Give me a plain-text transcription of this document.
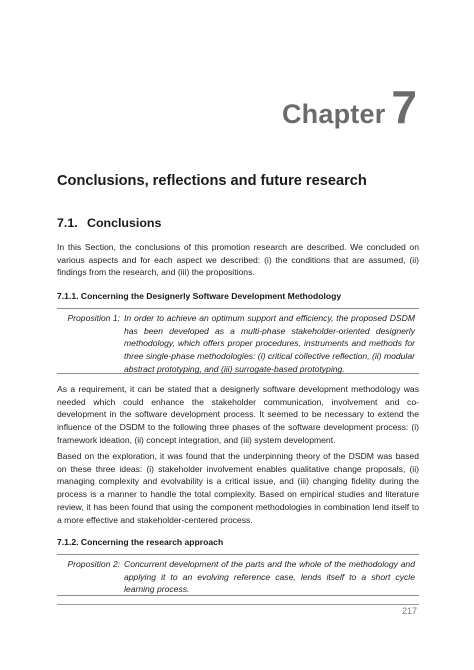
Chapter 7
Conclusions, reflections and future research
7.1. Conclusions

In this Section, the conclusions of this promotion research are described. We concluded on various aspects and for each aspect we described: (i) the conditions that are assumed, (ii) findings from the research, and (iii) the propositions.

7.1.1. Concerning the Designerly Software Development Methodology
Proposition 1: In order to achieve an optimum support and efficiency, the proposed DSDM has been developed as a multi-phase stakeholder-oriented designerly methodology, which offers proper procedures, instruments and methods for three single-phase methodologies: (i) critical collective reflection, (ii) modular abstract prototyping, and (iii) surrogate-based prototyping.

As a requirement, it can be stated that a designerly software development methodology was needed which could enhance the stakeholder communication, involvement and co-development in the software development process. It seemed to be necessary to extend the influence of the DSDM to the following three phases of the software development process: (i) framework ideation, (ii) concept integration, and (iii) system development.

Based on the exploration, it was found that the underpinning theory of the DSDM was based on these three ideas: (i) stakeholder involvement enables qualitative change proposals, (ii) managing complexity and evolvability is a critical issue, and (iii) changing fidelity during the process is a manner to handle the total complexity. Based on empirical studies and literature review, it has been found that using the component methodologies in combination lend itself to a more effective and stakeholder-centered process.

7.1.2. Concerning the research approach
Proposition 2: Concurrent development of the parts and the whole of the methodology and applying it to an evolving reference case, lends itself to a short cycle learning process.

217
